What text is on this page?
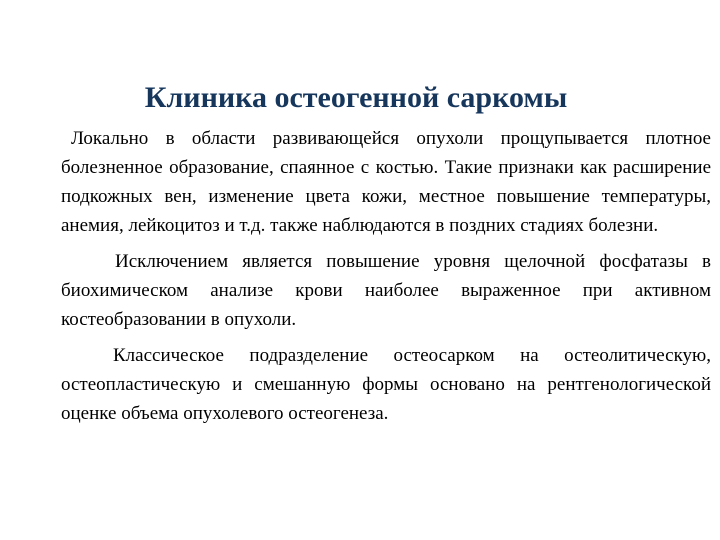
Клиника остеогенной саркомы

Локально в области развивающейся опухоли прощупывается плотное болезненное образование, спаянное с костью. Такие признаки как расширение подкожных вен, изменение цвета кожи, местное повышение температуры, анемия, лейкоцитоз и т.д. также наблюдаются в поздних стадиях болезни.

Исключением является повышение уровня щелочной фосфатазы в биохимическом анализе крови наиболее выраженное при активном костеобразовании в опухоли.

Классическое подразделение остеосарком на остеолитическую, остеопластическую и смешанную формы основано на рентгенологической оценке объема опухолевого остеогенеза.
